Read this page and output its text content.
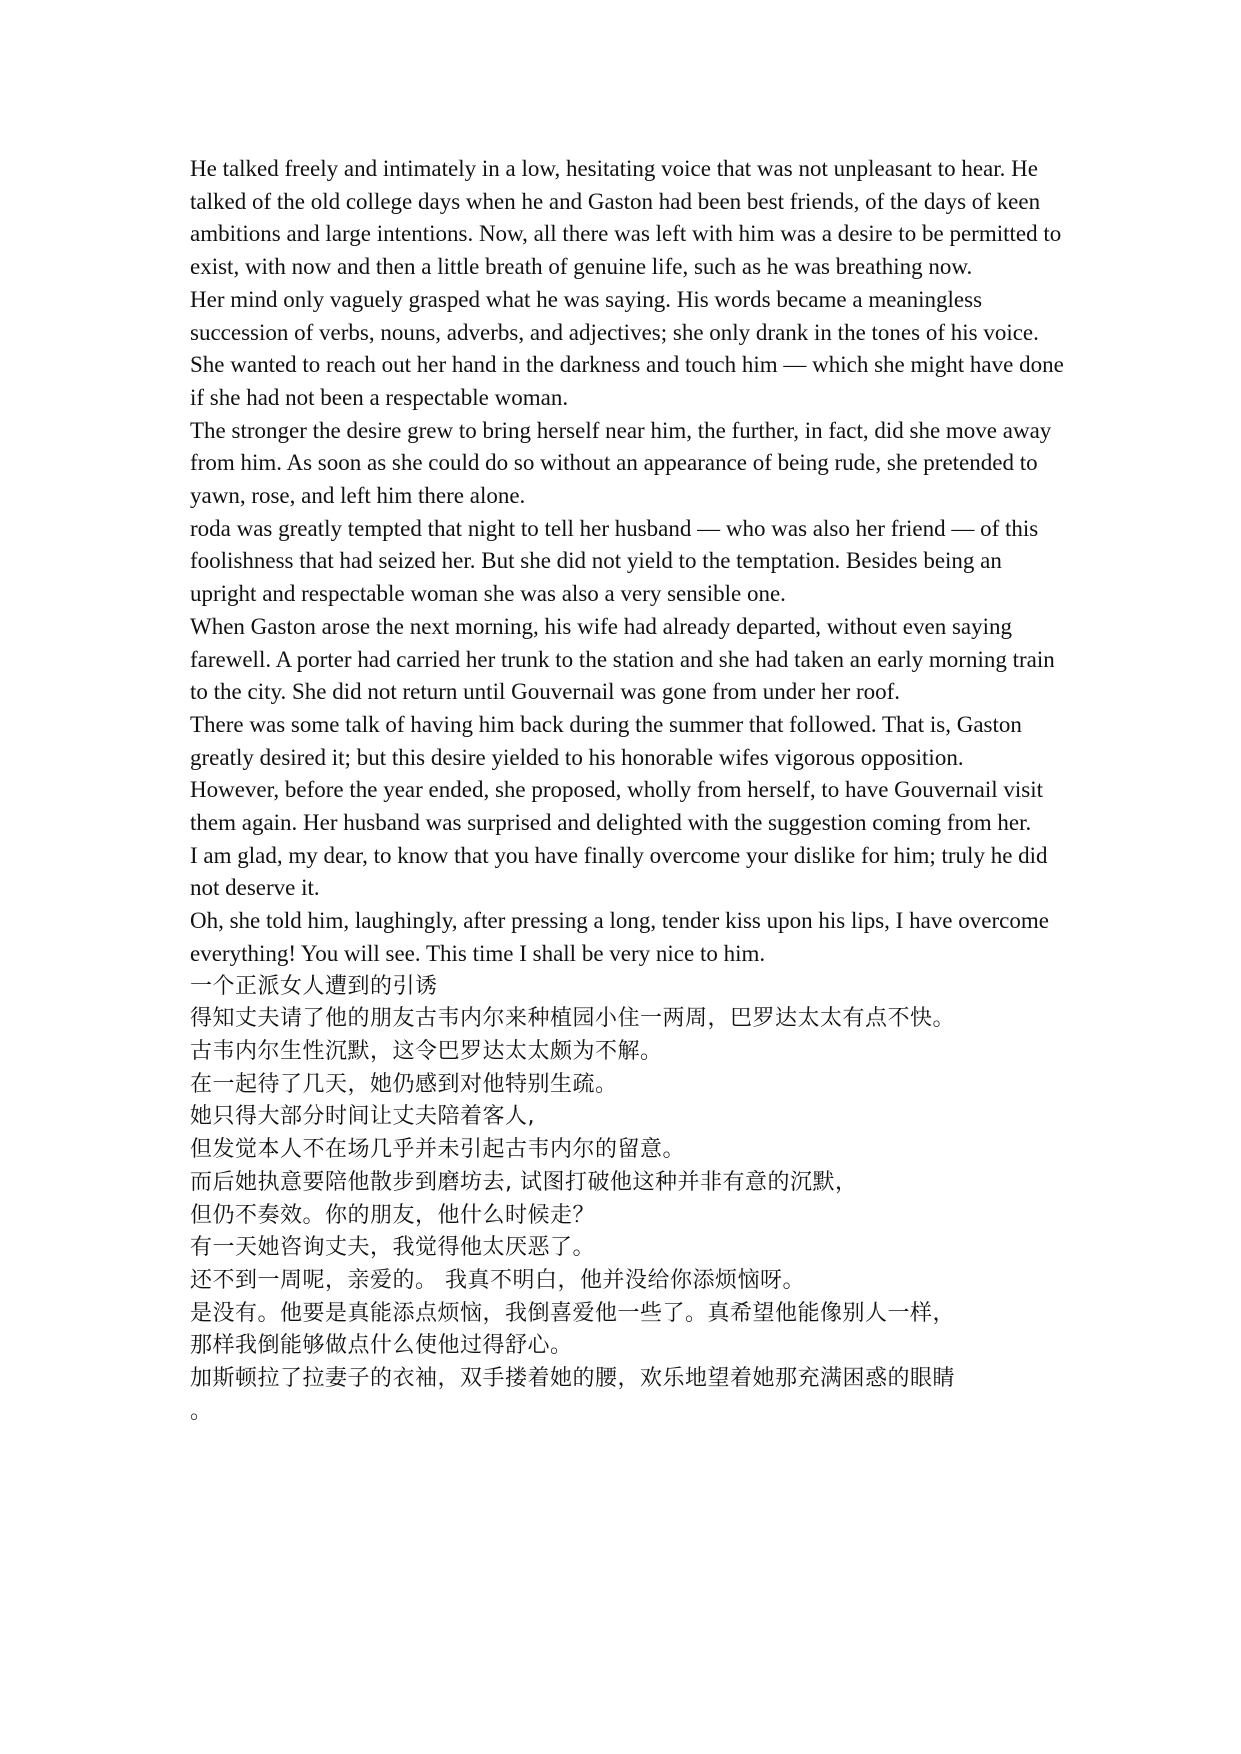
He talked freely and intimately in a low, hesitating voice that was not unpleasant to hear. He talked of the old college days when he and Gaston had been best friends, of the days of keen ambitions and large intentions. Now, all there was left with him was a desire to be permitted to exist, with now and then a little breath of genuine life, such as he was breathing now.

Her mind only vaguely grasped what he was saying. His words became a meaningless succession of verbs, nouns, adverbs, and adjectives; she only drank in the tones of his voice. She wanted to reach out her hand in the darkness and touch him — which she might have done if she had not been a respectable woman.

The stronger the desire grew to bring herself near him, the further, in fact, did she move away from him. As soon as she could do so without an appearance of being rude, she pretended to yawn, rose, and left him there alone.

roda was greatly tempted that night to tell her husband — who was also her friend — of this foolishness that had seized her. But she did not yield to the temptation. Besides being an upright and respectable woman she was also a very sensible one.

When Gaston arose the next morning, his wife had already departed, without even saying farewell. A porter had carried her trunk to the station and she had taken an early morning train to the city. She did not return until Gouvernail was gone from under her roof.

There was some talk of having him back during the summer that followed. That is, Gaston greatly desired it; but this desire yielded to his honorable wifes vigorous opposition.

However, before the year ended, she proposed, wholly from herself, to have Gouvernail visit them again. Her husband was surprised and delighted with the suggestion coming from her.

I am glad, my dear, to know that you have finally overcome your dislike for him; truly he did not deserve it.

Oh, she told him, laughingly, after pressing a long, tender kiss upon his lips, I have overcome everything! You will see. This time I shall be very nice to him.

一个正派女人遭到的引诱

得知丈夫请了他的朋友古韦内尔来种植园小住一两周，巴罗达太太有点不快。

古韦内尔生性沉默，这令巴罗达太太颇为不解。

在一起待了几天，她仍感到对他特别生疏。

她只得大部分时间让丈夫陪着客人,

但发觉本人不在场几乎并未引起古韦内尔的留意。

而后她执意要陪他散步到磨坊去, 试图打破他这种并非有意的沉默，

但仍不奏效。你的朋友，他什么时候走？

有一天她咨询丈夫，我觉得他太厌恶了。

还不到一周呢，亲爱的。 我真不明白，他并没给你添烦恼呀。

是没有。他要是真能添点烦恼，我倒喜爱他一些了。真希望他能像别人一样，

那样我倒能够做点什么使他过得舒心。

加斯顿拉了拉妻子的衣袖，双手搂着她的腰，欢乐地望着她那充满困惑的眼睛

。
